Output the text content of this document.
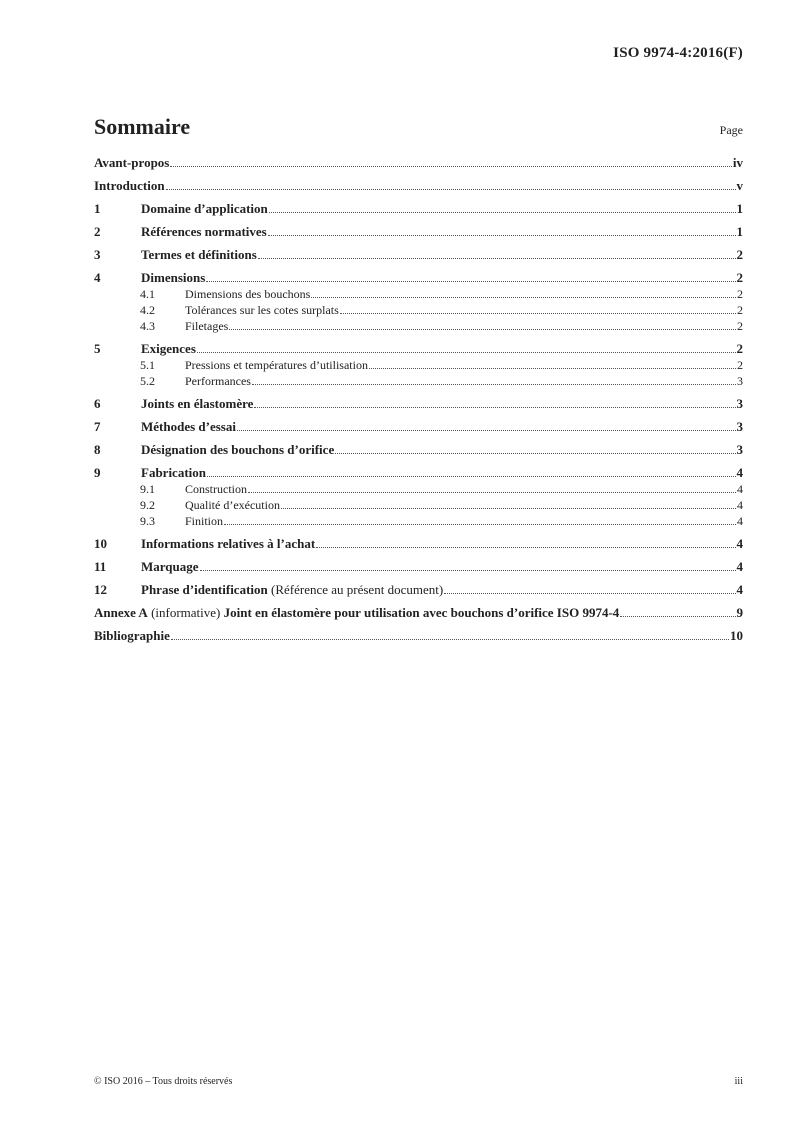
ISO 9974-4:2016(F)
Sommaire	Page
Avant-propos	iv
Introduction	v
1	Domaine d’application	1
2	Références normatives	1
3	Termes et définitions	2
4	Dimensions	2
4.1	Dimensions des bouchons	2
4.2	Tolérances sur les cotes surplats	2
4.3	Filetages	2
5	Exigences	2
5.1	Pressions et températures d’utilisation	2
5.2	Performances	3
6	Joints en élastomère	3
7	Méthodes d’essai	3
8	Désignation des bouchons d’orifice	3
9	Fabrication	4
9.1	Construction	4
9.2	Qualité d’exécution	4
9.3	Finition	4
10	Informations relatives à l’achat	4
11	Marquage	4
12	Phrase d’identification (Référence au présent document)	4
Annexe A (informative) Joint en élastomère pour utilisation avec bouchons d’orifice ISO 9974-4	9
Bibliographie	10
© ISO 2016 – Tous droits réservés	iii
